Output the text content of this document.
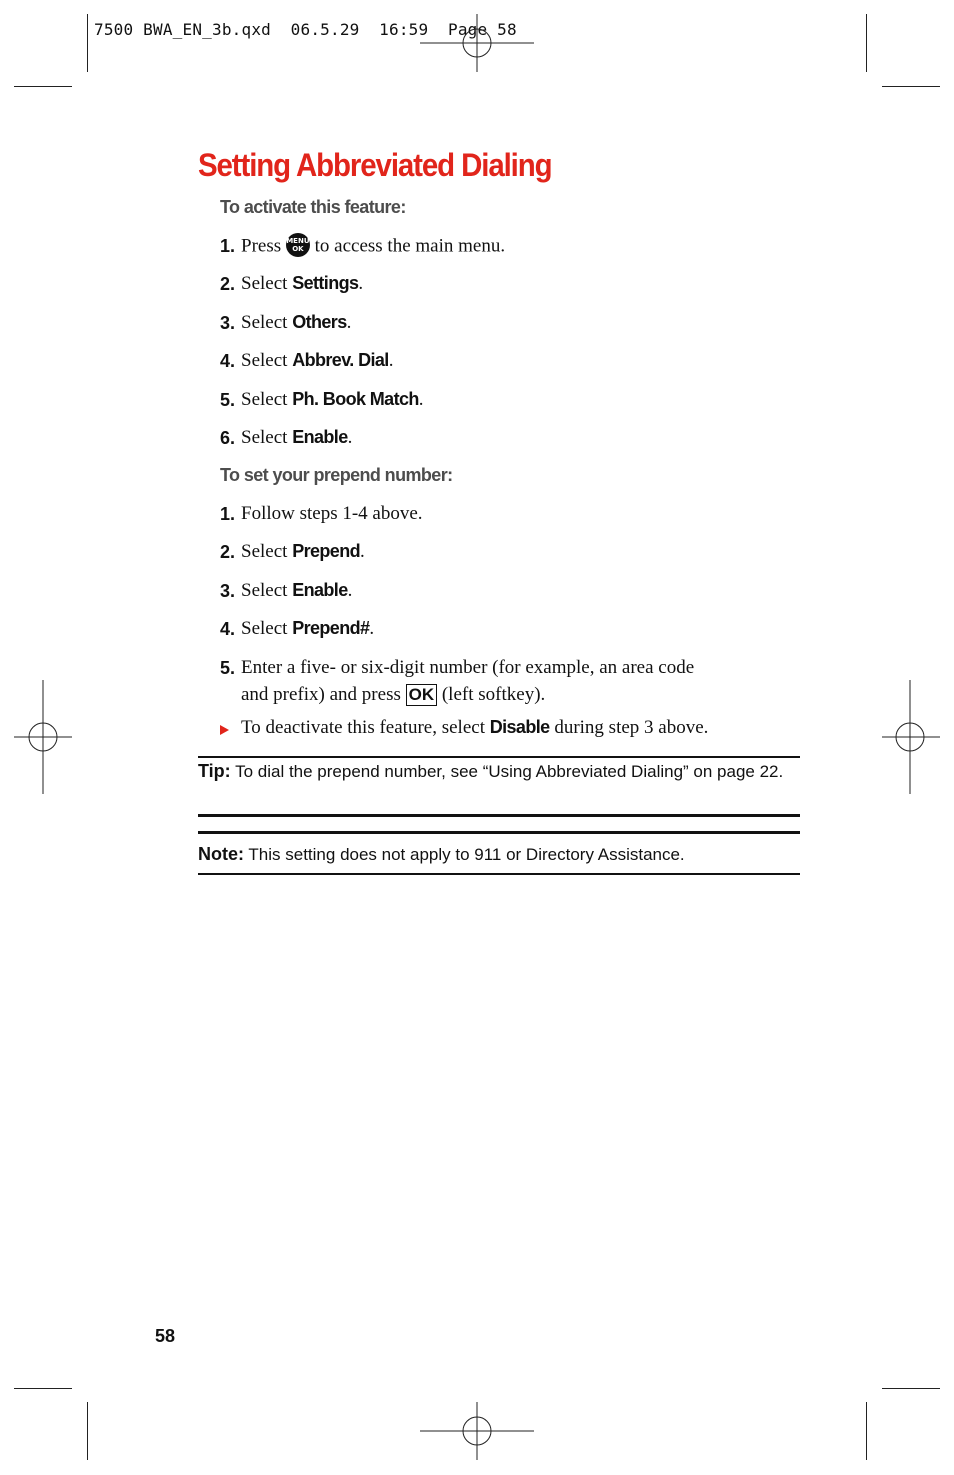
7500 BWA_EN_3b.qxd  06.5.29  16:59  Page 58
Setting Abbreviated Dialing
To activate this feature:
1. Press MENU
OK to access the main menu.
2. Select Settings.
3. Select Others.
4. Select Abbrev. Dial.
5. Select Ph. Book Match.
6. Select Enable.
To set your prepend number:
1. Follow steps 1-4 above.
2. Select Prepend.
3. Select Enable.
4. Select Prepend#.
5. Enter a five- or six-digit number (for example, an area code
and prefix) and press OK (left softkey).
To deactivate this feature, select Disable during step 3 above.
Tip: To dial the prepend number, see “Using Abbreviated Dialing” on page 22.
Note: This setting does not apply to 911 or Directory Assistance.
58
